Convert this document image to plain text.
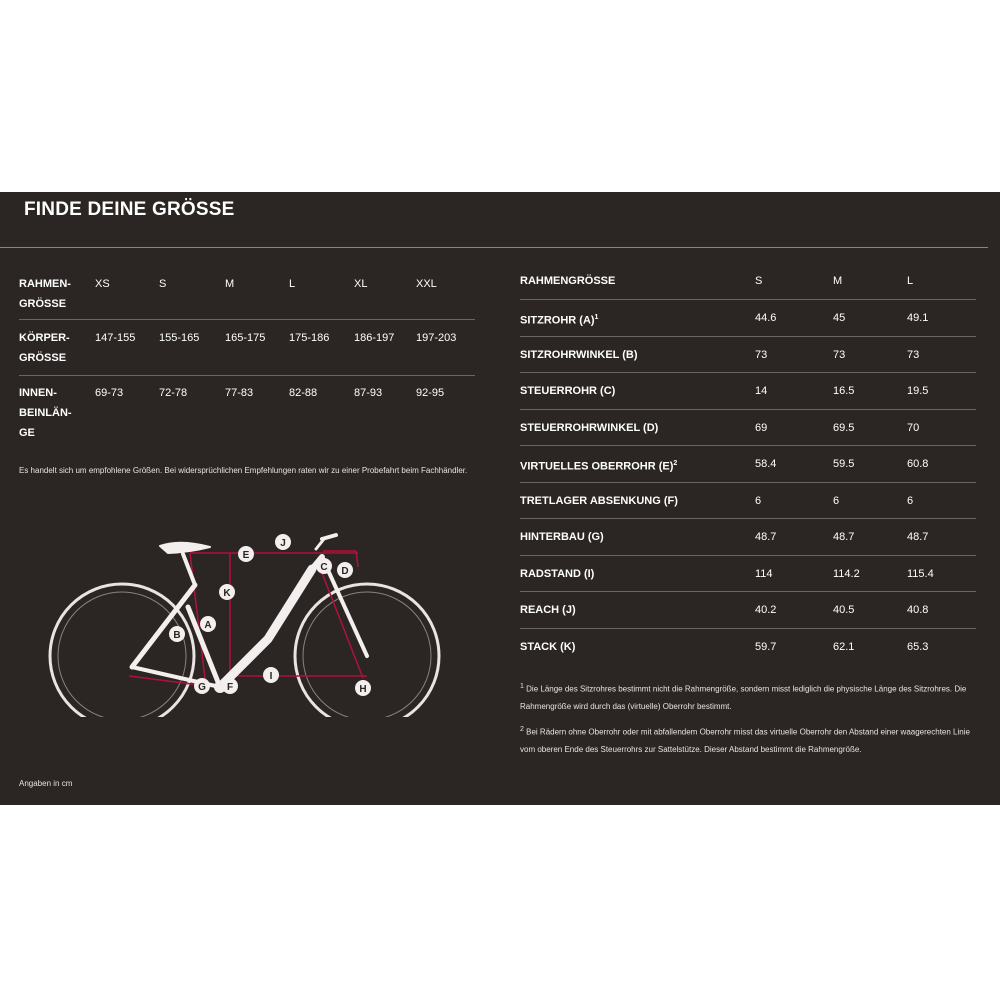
FINDE DEINE GRÖSSE
RAHMEN-
GRÖSSE
XS	S	M	L	XL	XXL
KÖRPER-
GRÖSSE
147-155 155-165 165-175 175-186 186-197 197-203
INNEN-
BEINLÄN-
GE
69-73	72-78	77-83	82-88	87-93	92-95
Es handelt sich um empfohlene Größen. Bei widersprüchlichen Empfehlungen raten wir zu einer Probefahrt beim Fachhändler.
A
B
C D
E
F
G	H
I
J
K
Angaben in cm
RAHMENGRÖSSE	S	M	L
SITZROHR $(A)^1$	44.6	45	49.1
SITZROHRWINKEL (B)	73	73	73
STEUERROHR (C)	14	16.5	19.5
STEUERROHRWINKEL (D)	69	69.5	70
VIRTUELLES OBERROHR $(E)^2$	58.4	59.5	60.8
TRETLAGER ABSENKUNG (F)	6	6	6
HINTERBAU (G)	48.7	48.7	48.7
RADSTAND (I)	114	114.2	115.4
REACH (J)	40.2	40.5	40.8
STACK (K)	59.7	62.1	65.3
$^1$ Die Länge des Sitzrohres bestimmt nicht die Rahmengröße, sondern misst lediglich die physische Länge des Sitzrohres. Die Rahmengröße wird durch das (virtuelle) Oberrohr bestimmt.
$^2$ Bei Rädern ohne Oberrohr oder mit abfallendem Oberrohr misst das virtuelle Oberrohr den Abstand einer waagerechten Linie vom oberen Ende des Steuerrohrs zur Sattelstütze. Dieser Abstand bestimmt die Rahmengröße.
